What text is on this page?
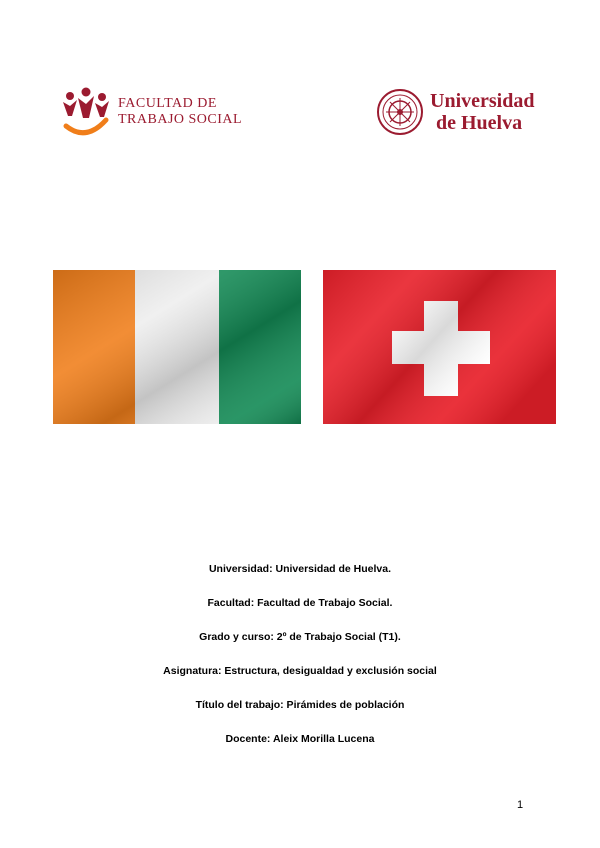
FACULTAD DE
TRABAJO SOCIAL
Universidad
de Huelva
Universidad: Universidad de Huelva.
Facultad: Facultad de Trabajo Social.
Grado y curso: 2º de Trabajo Social (T1).
Asignatura: Estructura, desigualdad y exclusión social
Título del trabajo: Pirámides de población
Docente: Aleix Morilla Lucena
1
